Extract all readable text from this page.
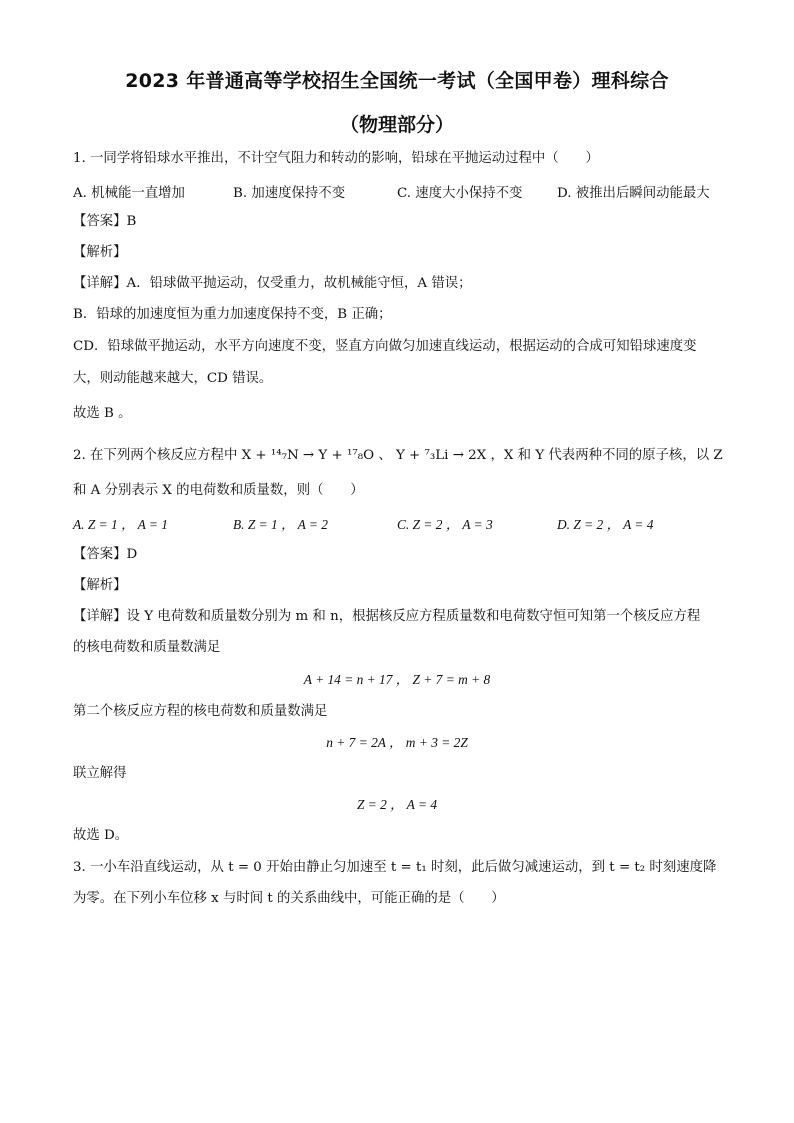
2023 年普通高等学校招生全国统一考试（全国甲卷）理科综合
（物理部分）
1. 一同学将铅球水平推出，不计空气阻力和转动的影响，铅球在平抛运动过程中（　　）
A. 机械能一直增加	B. 加速度保持不变	C. 速度大小保持不变	D. 被推出后瞬间动能最大
【答案】B
【解析】
【详解】A．铅球做平抛运动，仅受重力，故机械能守恒，A 错误；
B．铅球的加速度恒为重力加速度保持不变，B 正确；
CD．铅球做平抛运动，水平方向速度不变，竖直方向做匀加速直线运动，根据运动的合成可知铅球速度变
大，则动能越来越大，CD 错误。
故选 B 。
2. 在下列两个核反应方程中 X + ¹⁴₇N → Y + ¹⁷₈O 、 Y + ⁷₃Li → 2X ，X 和 Y 代表两种不同的原子核，以 Z
和 A 分别表示 X 的电荷数和质量数，则（　　）
A. Z = 1 ， A = 1	B. Z = 1 ， A = 2	C. Z = 2 ， A = 3	D. Z = 2 ， A = 4
【答案】D
【解析】
【详解】设 Y 电荷数和质量数分别为 m 和 n，根据核反应方程质量数和电荷数守恒可知第一个核反应方程
的核电荷数和质量数满足
A + 14 = n + 17 ， Z + 7 = m + 8
第二个核反应方程的核电荷数和质量数满足
n + 7 = 2A ， m + 3 = 2Z
联立解得
Z = 2 ， A = 4
故选 D。
3. 一小车沿直线运动，从 t = 0 开始由静止匀加速至 t = t₁ 时刻，此后做匀减速运动，到 t = t₂ 时刻速度降
为零。在下列小车位移 x 与时间 t 的关系曲线中，可能正确的是（　　）
